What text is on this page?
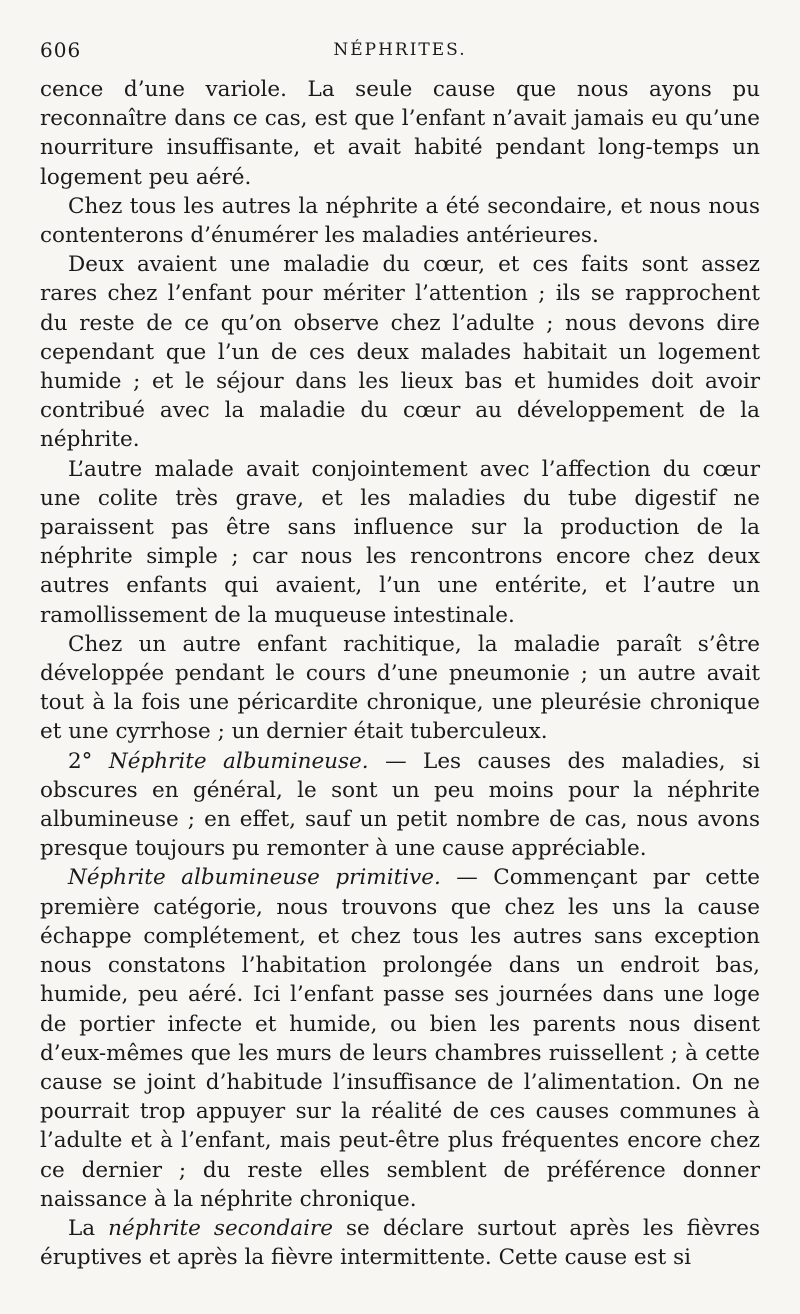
606	NÉPHRITES.

cence d’une variole. La seule cause que nous ayons pu reconnaître dans ce cas, est que l’enfant n’avait jamais eu qu’une nourriture insuffisante, et avait habité pendant long-temps un logement peu aéré.

Chez tous les autres la néphrite a été secondaire, et nous nous contenterons d’énumérer les maladies antérieures.

Deux avaient une maladie du cœur, et ces faits sont assez rares chez l’enfant pour mériter l’attention ; ils se rapprochent du reste de ce qu’on observe chez l’adulte ; nous devons dire cependant que l’un de ces deux malades habitait un logement humide ; et le séjour dans les lieux bas et humides doit avoir contribué avec la maladie du cœur au développement de la néphrite.

L’autre malade avait conjointement avec l’affection du cœur une colite très grave, et les maladies du tube digestif ne paraissent pas être sans influence sur la production de la néphrite simple ; car nous les rencontrons encore chez deux autres enfants qui avaient, l’un une entérite, et l’autre un ramollissement de la muqueuse intestinale.

Chez un autre enfant rachitique, la maladie paraît s’être développée pendant le cours d’une pneumonie ; un autre avait tout à la fois une péricardite chronique, une pleurésie chronique et une cyrrhose ; un dernier était tuberculeux.

2° Néphrite albumineuse. — Les causes des maladies, si obscures en général, le sont un peu moins pour la néphrite albumineuse ; en effet, sauf un petit nombre de cas, nous avons presque toujours pu remonter à une cause appréciable.

Néphrite albumineuse primitive. — Commençant par cette première catégorie, nous trouvons que chez les uns la cause échappe complétement, et chez tous les autres sans exception nous constatons l’habitation prolongée dans un endroit bas, humide, peu aéré. Ici l’enfant passe ses journées dans une loge de portier infecte et humide, ou bien les parents nous disent d’eux-mêmes que les murs de leurs chambres ruissellent ; à cette cause se joint d’habitude l’insuffisance de l’alimentation. On ne pourrait trop appuyer sur la réalité de ces causes communes à l’adulte et à l’enfant, mais peut-être plus fréquentes encore chez ce dernier ; du reste elles semblent de préférence donner naissance à la néphrite chronique.

La néphrite secondaire se déclare surtout après les fièvres éruptives et après la fièvre intermittente. Cette cause est si
